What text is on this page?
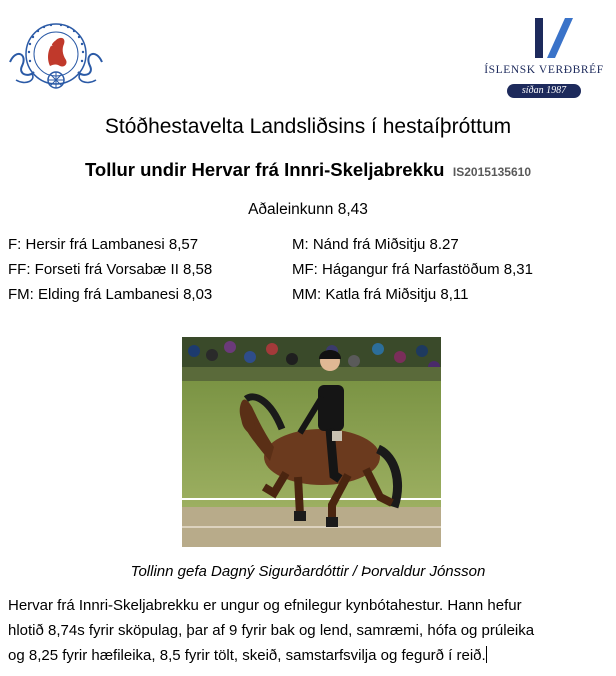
ÍSLENSK VERÐBRÉF
síðan 1987
Stóðhestavelta Landsliðsins í hestaíþróttum
Tollur undir Hervar frá Innri-Skeljabrekku IS2015135610
Aðaleinkunn 8,43
F: Hersir frá Lambanesi 8,57
FF: Forseti frá Vorsabæ II 8,58
FM: Elding frá Lambanesi 8,03
M: Nánd frá Miðsitju 8.27
MF: Hágangur frá Narfastöðum 8,31
MM: Katla frá Miðsitju 8,11
Tollinn gefa Dagný Sigurðardóttir / Þorvaldur Jónsson
Hervar frá Innri-Skeljabrekku er ungur og efnilegur kynbótahestur. Hann hefur
hlotið 8,74s fyrir sköpulag, þar af 9 fyrir bak og lend, samræmi, hófa og prúleika
og 8,25 fyrir hæfileika, 8,5 fyrir tölt, skeið, samstarfsvilja og fegurð í reið.
